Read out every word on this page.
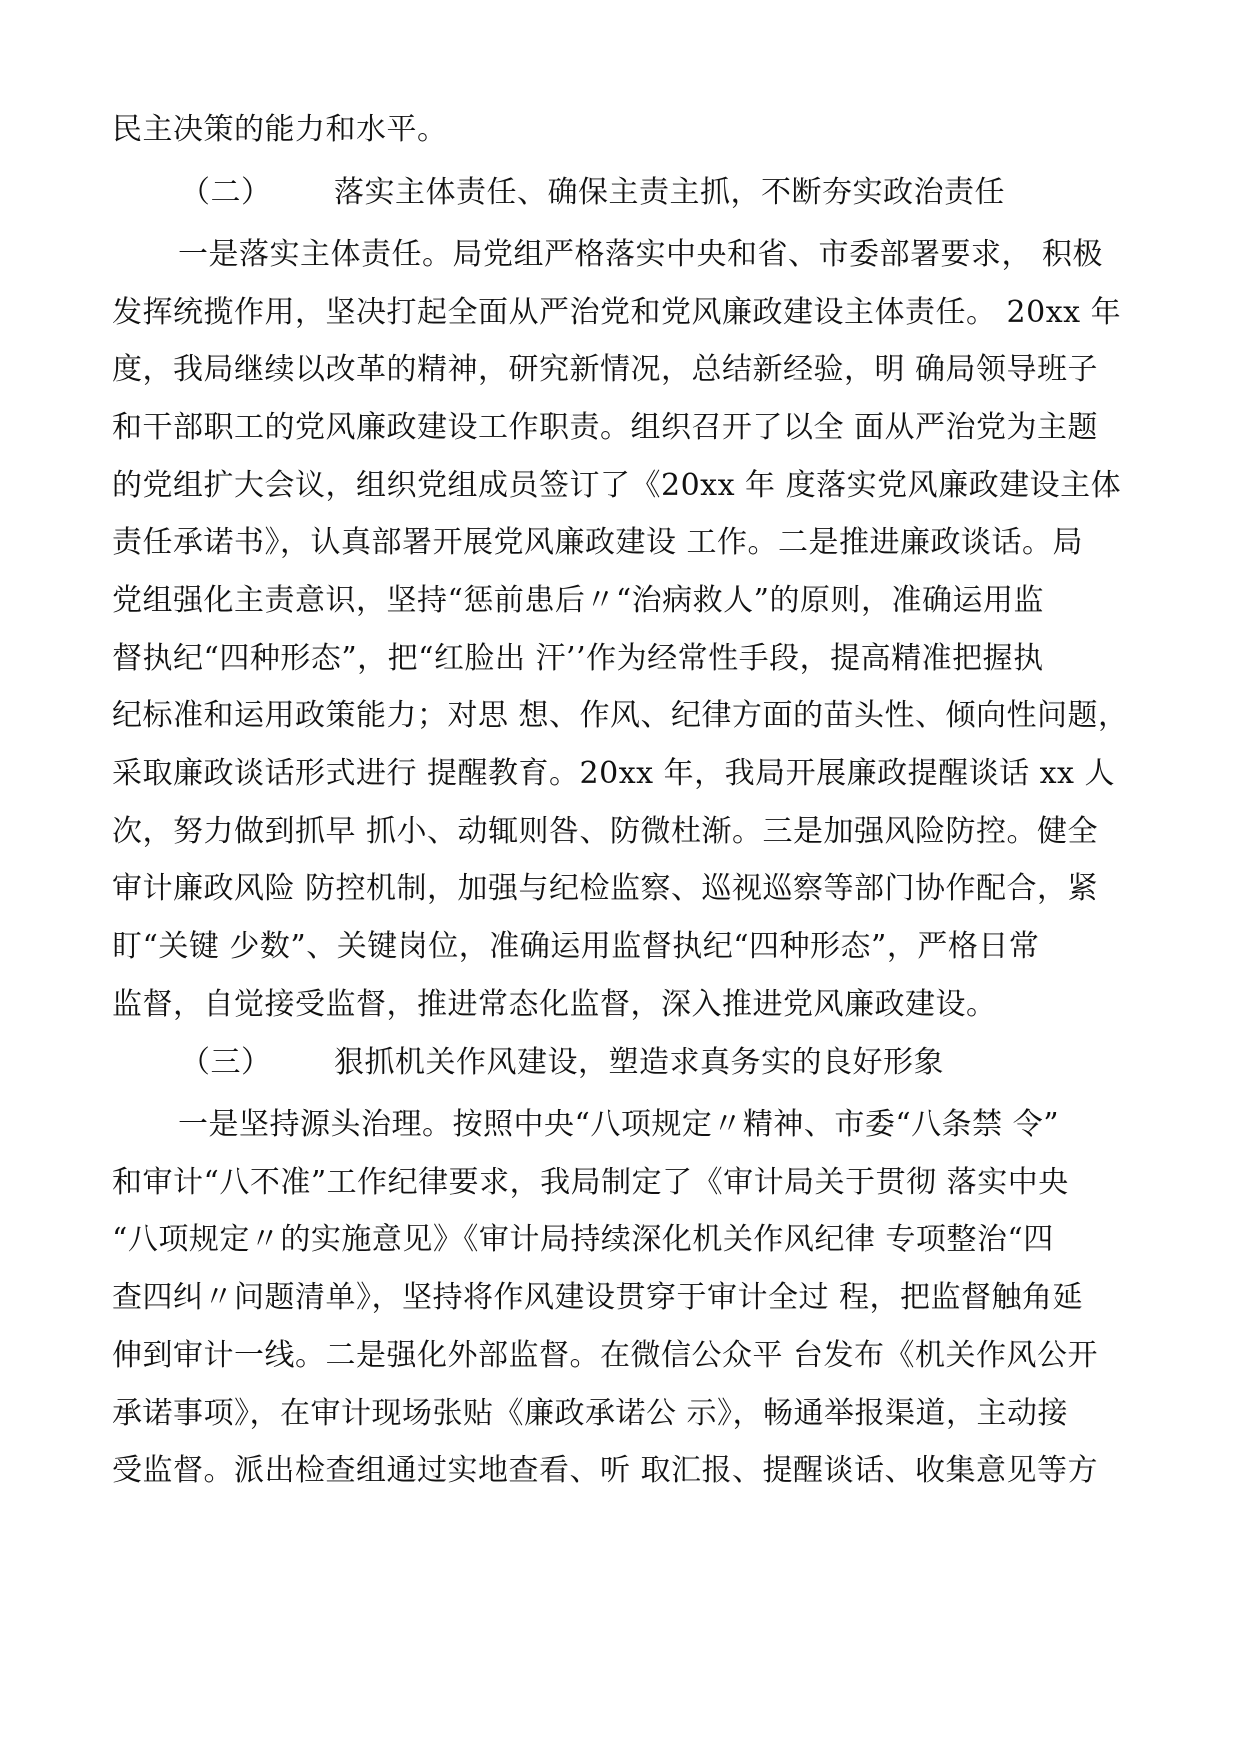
民主决策的能力和水平。
（二） 落实主体责任、确保主责主抓，不断夯实政治责任
一是落实主体责任。局党组严格落实中央和省、市委部署要求， 积极
发挥统揽作用，坚决打起全面从严治党和党风廉政建设主体责任。 20xx 年
度，我局继续以改革的精神，研究新情况，总结新经验，明 确局领导班子
和干部职工的党风廉政建设工作职责。组织召开了以全 面从严治党为主题
的党组扩大会议，组织党组成员签订了《20xx 年 度落实党风廉政建设主体
责任承诺书》，认真部署开展党风廉政建设 工作。二是推进廉政谈话。局
党组强化主责意识，坚持“惩前患后〃“治病救人”的原则，准确运用监
督执纪“四种形态”，把“红脸出 汗’’作为经常性手段，提高精准把握执
纪标准和运用政策能力；对思 想、作风、纪律方面的苗头性、倾向性问题，
采取廉政谈话形式进行 提醒教育。20xx 年，我局开展廉政提醒谈话 xx 人
次，努力做到抓早 抓小、动辄则咎、防微杜渐。三是加强风险防控。健全
审计廉政风险 防控机制，加强与纪检监察、巡视巡察等部门协作配合，紧
盯“关键 少数”、关键岗位，准确运用监督执纪“四种形态”，严格日常
监督，自觉接受监督，推进常态化监督，深入推进党风廉政建设。
（三） 狠抓机关作风建设，塑造求真务实的良好形象
一是坚持源头治理。按照中央“八项规定〃精神、市委“八条禁 令”
和审计“八不准”工作纪律要求，我局制定了《审计局关于贯彻 落实中央
“八项规定〃的实施意见》《审计局持续深化机关作风纪律 专项整治“四
查四纠〃问题清单》，坚持将作风建设贯穿于审计全过 程，把监督触角延
伸到审计一线。二是强化外部监督。在微信公众平 台发布《机关作风公开
承诺事项》，在审计现场张贴《廉政承诺公 示》，畅通举报渠道，主动接
受监督。派出检查组通过实地查看、听 取汇报、提醒谈话、收集意见等方
